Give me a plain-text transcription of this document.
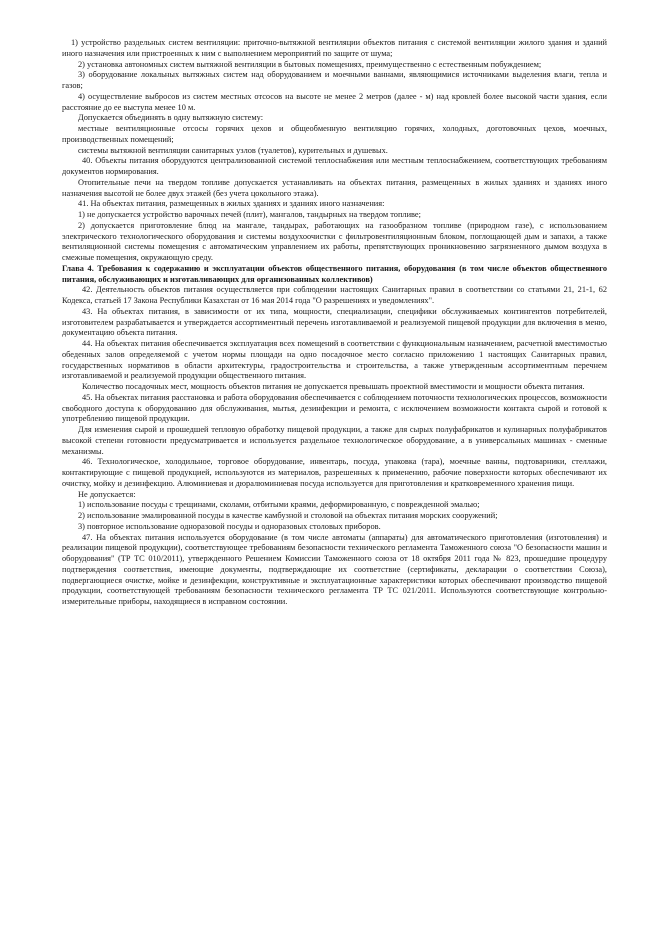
1) устройство раздельных систем вентиляции: приточно-вытяжной вентиляции объектов питания с системой вентиляции жилого здания и зданий иного назначения или пристроенных к ним с выполнением мероприятий по защите от шума;

2) установка автономных систем вытяжной вентиляции в бытовых помещениях, преимущественно с естественным побуждением;

3) оборудование локальных вытяжных систем над оборудованием и моечными ваннами, являющимися источниками выделения влаги, тепла и газов;

4) осуществление выбросов из систем местных отсосов на высоте не менее 2 метров (далее - м) над кровлей более высокой части здания, если расстояние до ее выступа менее 10 м.

Допускается объединять в одну вытяжную систему:

местные вентиляционные отсосы горячих цехов и общеобменную вентиляцию горячих, холодных, доготовочных цехов, моечных, производственных помещений;

системы вытяжной вентиляции санитарных узлов (туалетов), курительных и душевых.

40. Объекты питания оборудуются централизованной системой теплоснабжения или местным теплоснабжением, соответствующих требованиям документов нормирования.

Отопительные печи на твердом топливе допускается устанавливать на объектах питания, размещенных в жилых зданиях и зданиях иного назначения высотой не более двух этажей (без учета цокольного этажа).

41. На объектах питания, размещенных в жилых зданиях и зданиях иного назначения:

1) не допускается устройство варочных печей (плит), мангалов, тандырных на твердом топливе;

2) допускается приготовление блюд на мангале, тандырах, работающих на газообразном топливе (природном газе), с использованием электрического технологического оборудования и системы воздухоочистки с фильтровентиляционным блоком, поглощающей дым и запахи, а также вентиляционной системы помещения с автоматическим управлением их работы, препятствующих проникновению загрязненного дымом воздуха в смежные помещения, окружающую среду.

Глава 4. Требования к содержанию и эксплуатации объектов общественного питания, оборудования (в том числе объектов общественного питания, обслуживающих и изготавливающих для организованных коллективов)

42. Деятельность объектов питания осуществляется при соблюдении настоящих Санитарных правил в соответствии со статьями 21, 21-1, 62 Кодекса, статьей 17 Закона Республики Казахстан от 16 мая 2014 года "О разрешениях и уведомлениях".

43. На объектах питания, в зависимости от их типа, мощности, специализации, специфики обслуживаемых контингентов потребителей, изготовителем разрабатывается и утверждается ассортиментный перечень изготавливаемой и реализуемой пищевой продукции для включения в меню, документацию объекта питания.

44. На объектах питания обеспечивается эксплуатация всех помещений в соответствии с функциональным назначением, расчетной вместимостью обеденных залов определяемой с учетом нормы площади на одно посадочное место согласно приложению 1 настоящих Санитарных правил, государственных нормативов в области архитектуры, градостроительства и строительства, а также утвержденным ассортиментным перечнем изготавливаемой и реализуемой продукции общественного питания.

Количество посадочных мест, мощность объектов питания не допускается превышать проектной вместимости и мощности объекта питания.

45. На объектах питания расстановка и работа оборудования обеспечивается с соблюдением поточности технологических процессов, возможности свободного доступа к оборудованию для обслуживания, мытья, дезинфекции и ремонта, с исключением возможности контакта сырой и готовой к употреблению пищевой продукции.

Для изменения сырой и прошедшей тепловую обработку пищевой продукции, а также для сырых полуфабрикатов и кулинарных полуфабрикатов высокой степени готовности предусматривается и используется раздельное технологическое оборудование, а в универсальных машинах - сменные механизмы.

46. Технологическое, холодильное, торговое оборудование, инвентарь, посуда, упаковка (тара), моечные ванны, подтоварники, стеллажи, контактирующие с пищевой продукцией, используются из материалов, разрешенных к применению, рабочие поверхности которых обеспечивают их очистку, мойку и дезинфекцию. Алюминиевая и дюралюминиевая посуда используется для приготовления и кратковременного хранения пищи.

Не допускается:

1) использование посуды с трещинами, сколами, отбитыми краями, деформированную, с поврежденной эмалью;

2) использование эмалированной посуды в качестве камбузной и столовой на объектах питания морских сооружений;

3) повторное использование одноразовой посуды и одноразовых столовых приборов.

47. На объектах питания используется оборудование (в том числе автоматы (аппараты) для автоматического приготовления (изготовления) и реализации пищевой продукции), соответствующее требованиям безопасности технического регламента Таможенного союза "О безопасности машин и оборудования" (ТР ТС 010/2011), утвержденного Решением Комиссии Таможенного союза от 18 октября 2011 года № 823, прошедшие процедуру подтверждения соответствия, имеющие документы, подтверждающие их соответствие (сертификаты, декларации о соответствии Союза), подвергающиеся очистке, мойке и дезинфекции, конструктивные и эксплуатационные характеристики которых обеспечивают производство пищевой продукции, соответствующей требованиям безопасности технического регламента ТР ТС 021/2011. Используются соответствующие контрольно-измерительные приборы, находящиеся в исправном состоянии.
